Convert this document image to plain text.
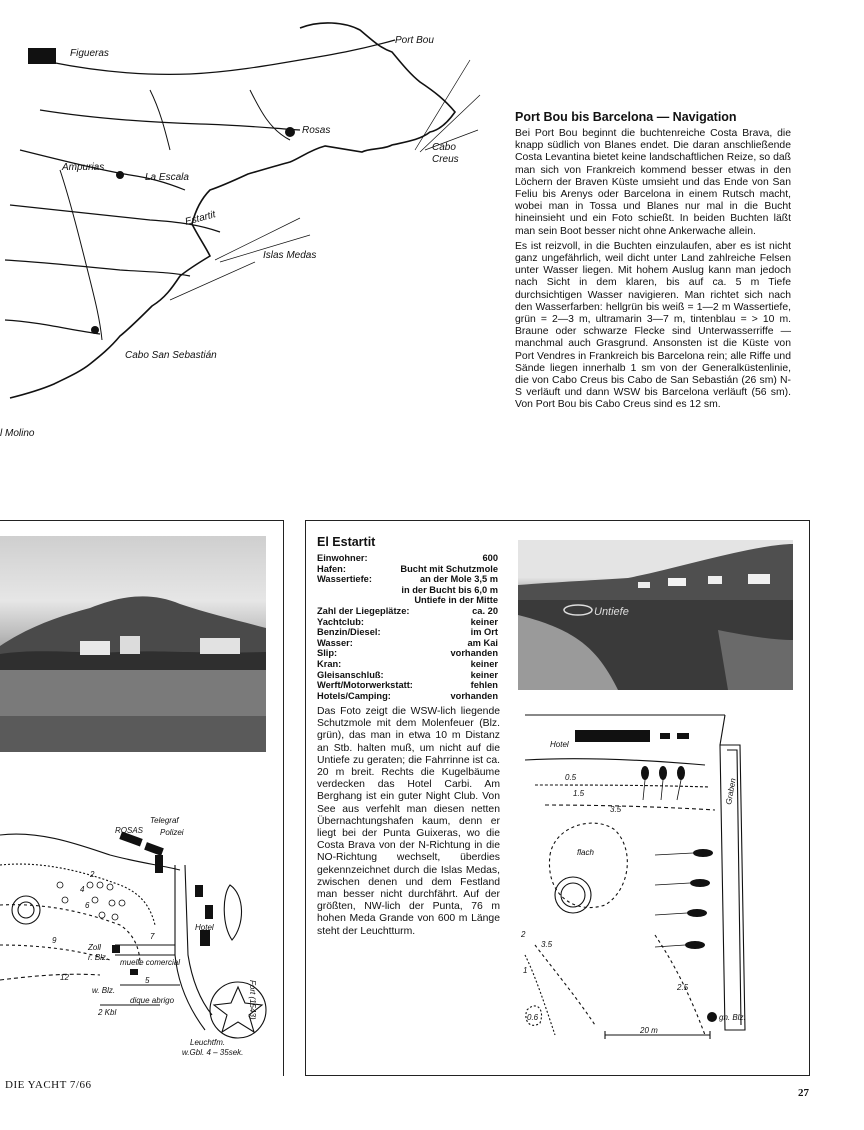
Figueras
Port Bou
Rosas
Cabo
Creus
Ampurias
La Escala
Estartit
Islas Medas
Cabo San Sebastián
l Molino
Port Bou bis Barcelona — Navigation

Bei Port Bou beginnt die buchtenreiche Costa Brava, die knapp südlich von Blanes endet. Die daran anschließende Costa Levantina bietet keine landschaftlichen Reize, so daß man sich von Frankreich kommend besser etwas in den Löchern der Braven Küste umsieht und das Ende von San Feliu bis Arenys oder Barcelona in einem Rutsch macht, wobei man in Tossa und Blanes nur mal in die Bucht hineinsieht und ein Foto schießt. In beiden Buchten läßt man sein Boot besser nicht ohne Ankerwache allein.

Es ist reizvoll, in die Buchten einzulaufen, aber es ist nicht ganz ungefährlich, weil dicht unter Land zahlreiche Felsen unter Wasser liegen. Mit hohem Auslug kann man jedoch nach Sicht in dem klaren, bis auf ca. 5 m Tiefe durchsichtigen Wasser navigieren. Man richtet sich nach den Wasserfarben: hellgrün bis weiß = 1—2 m Wassertiefe, grün = 2—3 m, ultramarin 3—7 m, tintenblau = > 10 m. Braune oder schwarze Flecke sind Unterwasserriffe — manchmal auch Grasgrund. Ansonsten ist die Küste von Port Vendres in Frankreich bis Barcelona rein; alle Riffe und Sände liegen innerhalb 1 sm von der Generalküstenlinie, die von Cabo Creus bis Cabo de San Sebastián (26 sm) N-S verläuft und dann WSW bis Barcelona verläuft (56 sm). Von Port Bou bis Cabo Creus sind es 12 sm.

El Estartit
Einwohner:	600
Hafen:	Bucht mit Schutzmole
Wassertiefe:	an der Mole 3,5 m
in der Bucht bis 6,0 m
Untiefe in der Mitte
Zahl der Liegeplätze:	ca. 20
Yachtclub:	keiner
Benzin/Diesel:	im Ort
Wasser:	am Kai
Slip:	vorhanden
Kran:	keiner
Gleisanschluß:	keiner
Werft/Motorwerkstatt:	fehlen
Hotels/Camping:	vorhanden

Das Foto zeigt die WSW-lich liegende Schutzmole mit dem Molenfeuer (Blz. grün), das man in etwa 10 m Distanz an Stb. halten muß, um nicht auf die Untiefe zu geraten; die Fahrrinne ist ca. 20 m breit. Rechts die Kugelbäume verdecken das Hotel Carbi. Am Berghang ist ein guter Night Club. Von See aus verfehlt man diesen netten Übernachtungshafen kaum, denn er liegt bei der Punta Guixeras, wo die Costa Brava von der N-Richtung in die NO-Richtung wechselt, überdies gekennzeichnet durch die Islas Medas, zwischen denen und dem Festland man besser nicht durchfährt. Auf der größten, NW-lich der Punta, 76 m hohen Meda Grande von 600 m Länge steht der Leuchtturm.

Untiefe
ROSAS
Telegraf
Polizei
Hotel
Zoll
r. Blz.
muelle comercial
w. Blz.
dique abrigo
2 Kbl	Fort (1543)
Leuchtfm.
w.Gbl. 4 – 35sek.
2
4
6
7
5
9
12
Hotel
Graben
flach
0.5
1.5
3.5
2
3.5
1
2.5
0.6
20 m
gn. Blz.
DIE YACHT 7/66
27
